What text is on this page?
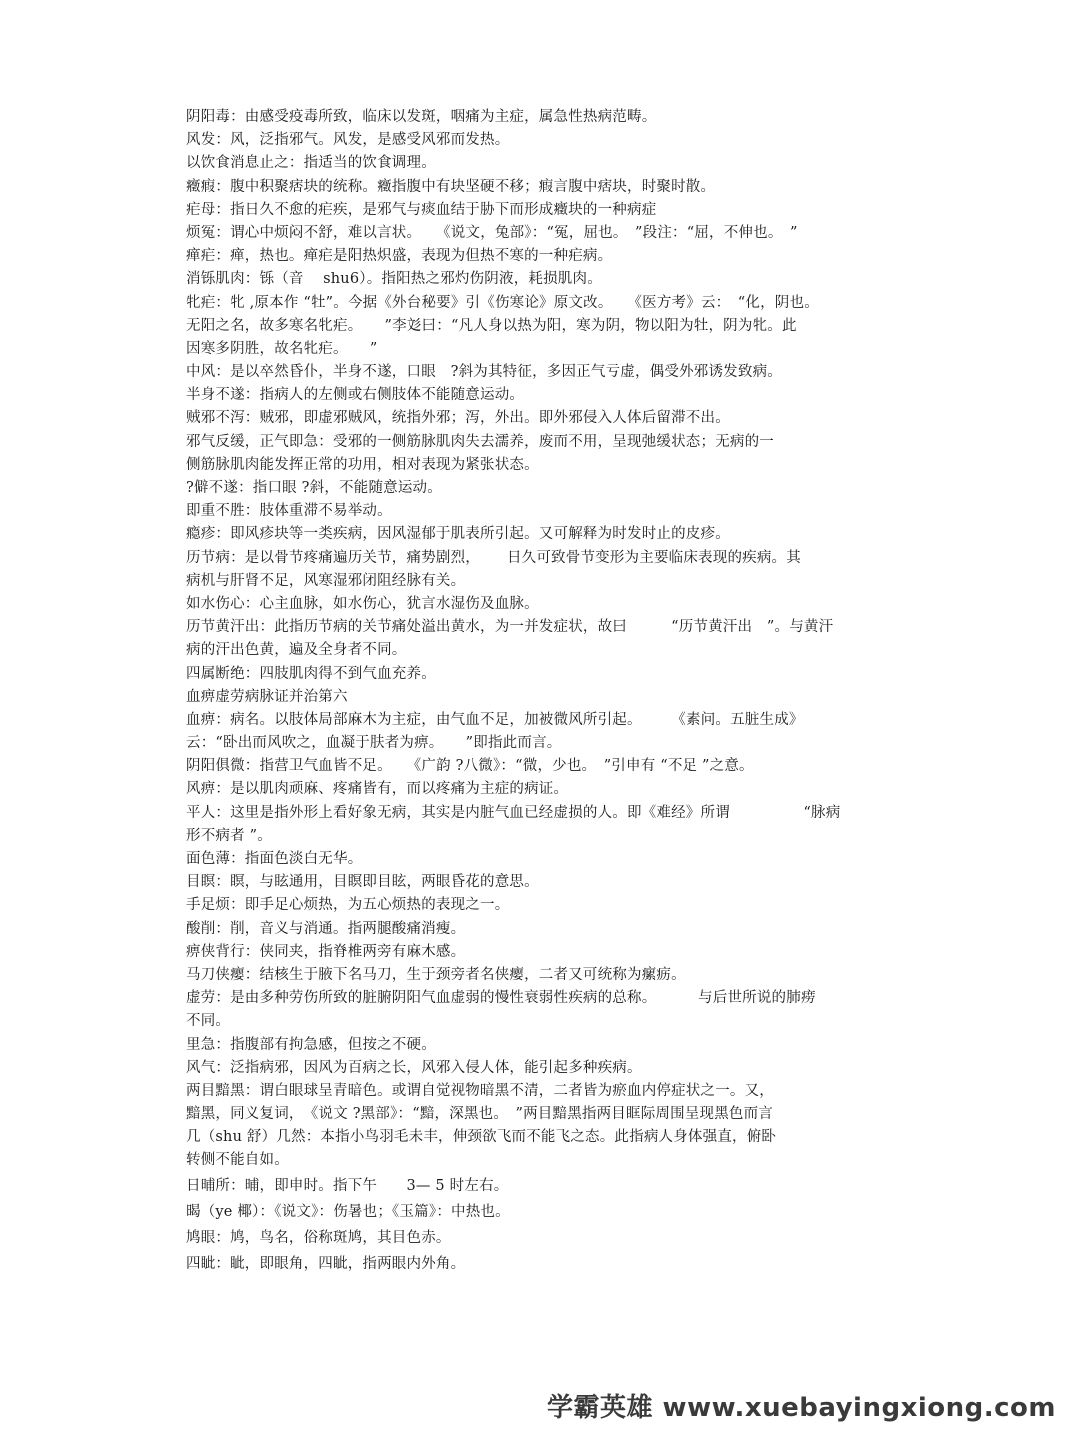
阴阳毒：由感受疫毒所致，临床以发斑，咽痛为主症，属急性热病范畴。
风发：风，泛指邪气。风发，是感受风邪而发热。
以饮食消息止之：指适当的饮食调理。
癥瘕：腹中积聚痞块的统称。癥指腹中有块坚硬不移；瘕言腹中痞块，时聚时散。
疟母：指日久不愈的疟疾，是邪气与痰血结于胁下而形成癥块的一种病症
烦冤：谓心中烦闷不舒，难以言状。　　《说文，兔部》：“冤，屈也。　”段注：“屈，不伸也。　”
瘅疟：瘅，热也。瘅疟是阳热炽盛，表现为但热不寒的一种疟病。
消铄肌肉：铄（音　 shu6）。指阳热之邪灼伤阴液，耗损肌肉。
牝疟：牝 ,原本作 “牡”。今据《外台秘要》引《伤寒论》原文改。　　《医方考》云：　“化，阴也。
无阳之名，故多寒名牝疟。　　”李彣曰：“凡人身以热为阳，寒为阴，物以阳为牡，阴为牝。此
因寒多阴胜，故名牝疟。　　”
中风：是以卒然昏仆，半身不遂，口眼　?斜为其特征，多因正气亏虚，偶受外邪诱发致病。
半身不遂：指病人的左侧或右侧肢体不能随意运动。
贼邪不泻：贼邪，即虚邪贼风，统指外邪；泻，外出。即外邪侵入人体后留滞不出。
邪气反缓，正气即急：受邪的一侧筋脉肌肉失去濡养，废而不用，呈现弛缓状态；无病的一
侧筋脉肌肉能发挥正常的功用，相对表现为紧张状态。
?僻不遂：指口眼 ?斜，不能随意运动。
即重不胜：肢体重滞不易举动。
瘾疹：即风疹块等一类疾病，因风湿郁于肌表所引起。又可解释为时发时止的皮疹。
历节病：是以骨节疼痛遍历关节，痛势剧烈，　　 日久可致骨节变形为主要临床表现的疾病。其
病机与肝肾不足，风寒湿邪闭阻经脉有关。
如水伤心：心主血脉，如水伤心，犹言水湿伤及血脉。
历节黄汗出：此指历节病的关节痛处溢出黄水，为一并发症状，故曰　　　“历节黄汗出　”。与黄汗
病的汗出色黄，遍及全身者不同。
四属断绝：四肢肌肉得不到气血充养。
血痹虚劳病脉证并治第六
血痹：病名。以肢体局部麻木为主症，由气血不足，加被微风所引起。　　　《素问。五脏生成》
云：“卧出而风吹之，血凝于肤者为痹。　　”即指此而言。
阴阳俱微：指营卫气血皆不足。　　《广韵 ?八微》：“微，少也。　”引申有 “不足 ”之意。
风痹：是以肌肉顽麻、疼痛皆有，而以疼痛为主症的病证。
平人：这里是指外形上看好象无病，其实是内脏气血已经虚损的人。即《难经》所谓　　　　　“脉病
形不病者 ”。
面色薄：指面色淡白无华。
目瞑：瞑，与眩通用，目瞑即目眩，两眼昏花的意思。
手足烦：即手足心烦热，为五心烦热的表现之一。
酸削：削，音义与消通。指两腿酸痛消瘦。
痹侠背行：侠同夹，指脊椎两旁有麻木感。
马刀侠瘿：结核生于腋下名马刀，生于颈旁者名侠瘿，二者又可统称为瘰疬。
虚劳：是由多种劳伤所致的脏腑阴阳气血虚弱的慢性衰弱性疾病的总称。　　　 与后世所说的肺痨
不同。
里急：指腹部有拘急感，但按之不硬。
风气：泛指病邪，因风为百病之长，风邪入侵人体，能引起多种疾病。
两目黯黑：谓白眼球呈青暗色。或谓自觉视物暗黑不清，二者皆为瘀血内停症状之一。又，
黯黑，同义复词，　《说文 ?黑部》：“黯，深黑也。　”两目黯黑指两目眶际周围呈现黑色而言
几（shu 舒）几然：本指小鸟羽毛未丰，伸颈欲飞而不能飞之态。此指病人身体强直，俯卧
转侧不能自如。
日晡所：晡，即申时。指下午　　3— 5 时左右。
暍（ye 椰）：《说文》：伤暑也；《玉篇》：中热也。
鸠眼：鸠，鸟名，俗称斑鸠，其目色赤。
四眦：眦，即眼角，四眦，指两眼内外角。
学霸英雄 www.xuebayingxiong.com
